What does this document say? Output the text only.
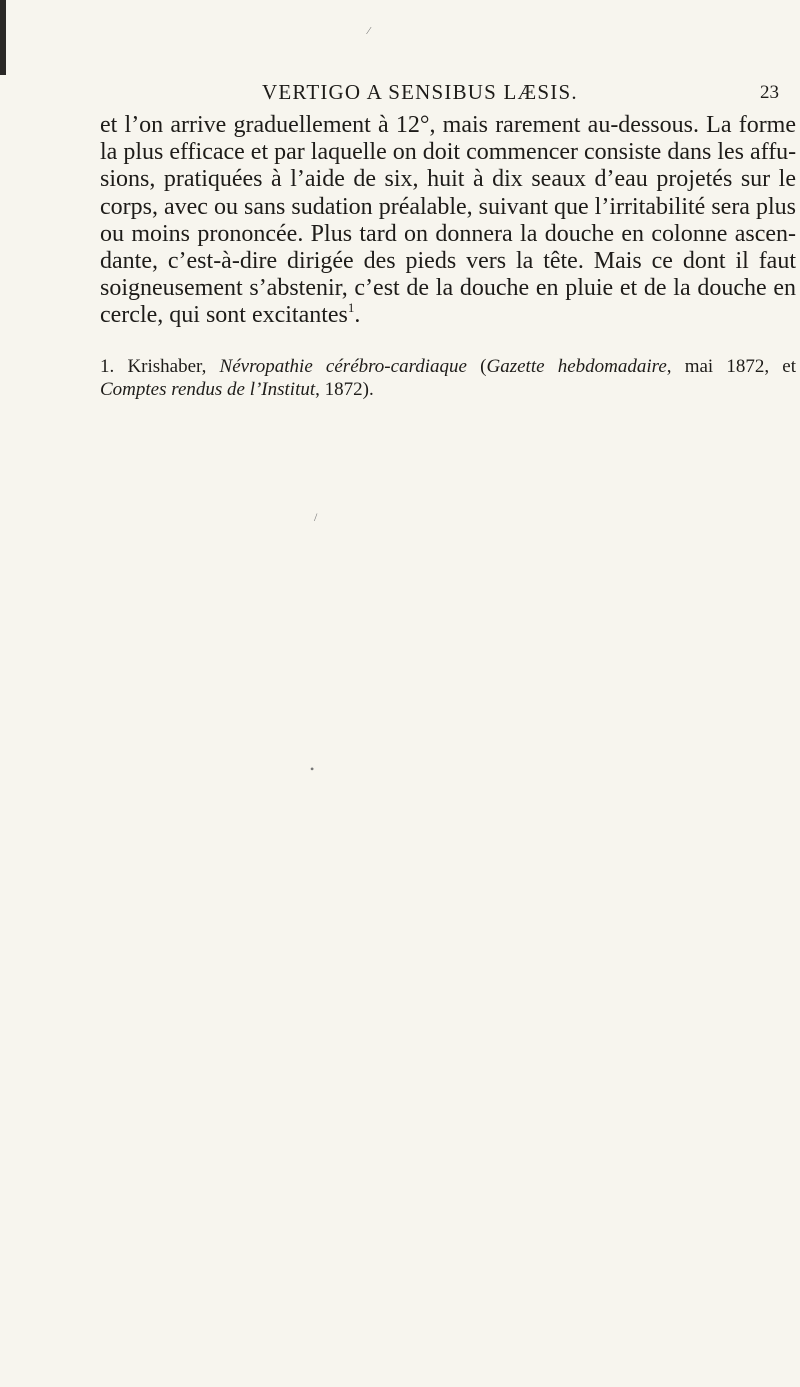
⁄
VERTIGO A SENSIBUS LÆSIS.	23
et l’on arrive graduellement à 12°, mais rarement au-dessous. La forme
la plus efficace et par laquelle on doit commencer consiste dans les affu-
sions, pratiquées à l’aide de six, huit à dix seaux d’eau projetés sur le
corps, avec ou sans sudation préalable, suivant que l’irritabilité sera plus
ou moins prononcée. Plus tard on donnera la douche en colonne ascen-
dante, c’est-à-dire dirigée des pieds vers la tête. Mais ce dont il faut
soigneusement s’abstenir, c’est de la douche en pluie et de la douche en
cercle, qui sont excitantes$^1$.
1. Krishaber, Névropathie cérébro-cardiaque (Gazette hebdomadaire, mai 1872, et
Comptes rendus de l’Institut, 1872).
/
•
